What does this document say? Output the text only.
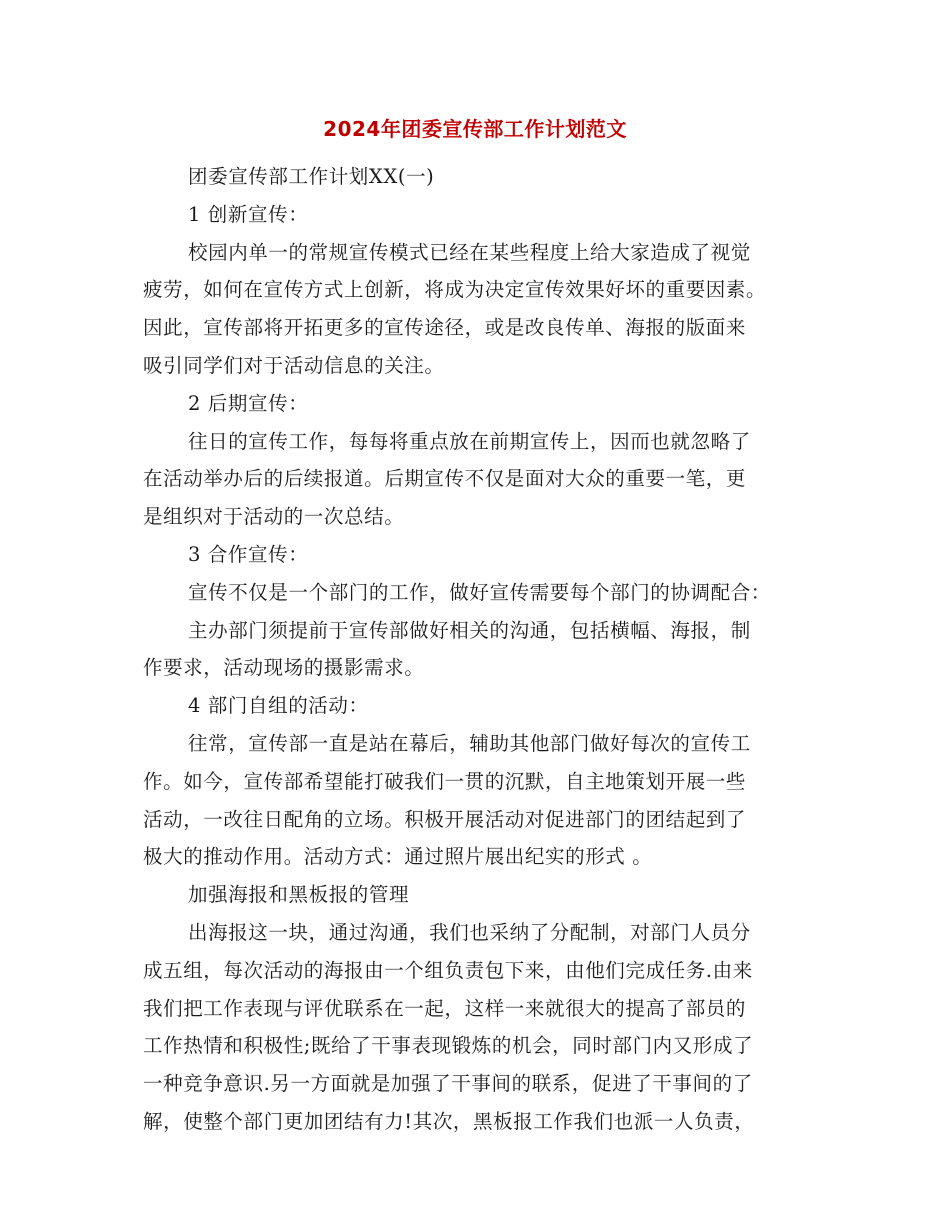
2024年团委宣传部工作计划范文
团委宣传部工作计划XX(一)
1 创新宣传：
校园内单一的常规宣传模式已经在某些程度上给大家造成了视觉
疲劳，如何在宣传方式上创新，将成为决定宣传效果好坏的重要因素。
因此，宣传部将开拓更多的宣传途径，或是改良传单、海报的版面来
吸引同学们对于活动信息的关注。
2 后期宣传：
往日的宣传工作，每每将重点放在前期宣传上，因而也就忽略了
在活动举办后的后续报道。后期宣传不仅是面对大众的重要一笔，更
是组织对于活动的一次总结。
3 合作宣传：
宣传不仅是一个部门的工作，做好宣传需要每个部门的协调配合：
主办部门须提前于宣传部做好相关的沟通，包括横幅、海报，制
作要求，活动现场的摄影需求。
4 部门自组的活动：
往常，宣传部一直是站在幕后，辅助其他部门做好每次的宣传工
作。如今，宣传部希望能打破我们一贯的沉默，自主地策划开展一些
活动，一改往日配角的立场。积极开展活动对促进部门的团结起到了
极大的推动作用。活动方式：通过照片展出纪实的形式 。
加强海报和黑板报的管理
出海报这一块，通过沟通，我们也采纳了分配制，对部门人员分
成五组，每次活动的海报由一个组负责包下来，由他们完成任务.由来
我们把工作表现与评优联系在一起，这样一来就很大的提高了部员的
工作热情和积极性;既给了干事表现锻炼的机会，同时部门内又形成了
一种竞争意识.另一方面就是加强了干事间的联系，促进了干事间的了
解，使整个部门更加团结有力!其次，黑板报工作我们也派一人负责，
